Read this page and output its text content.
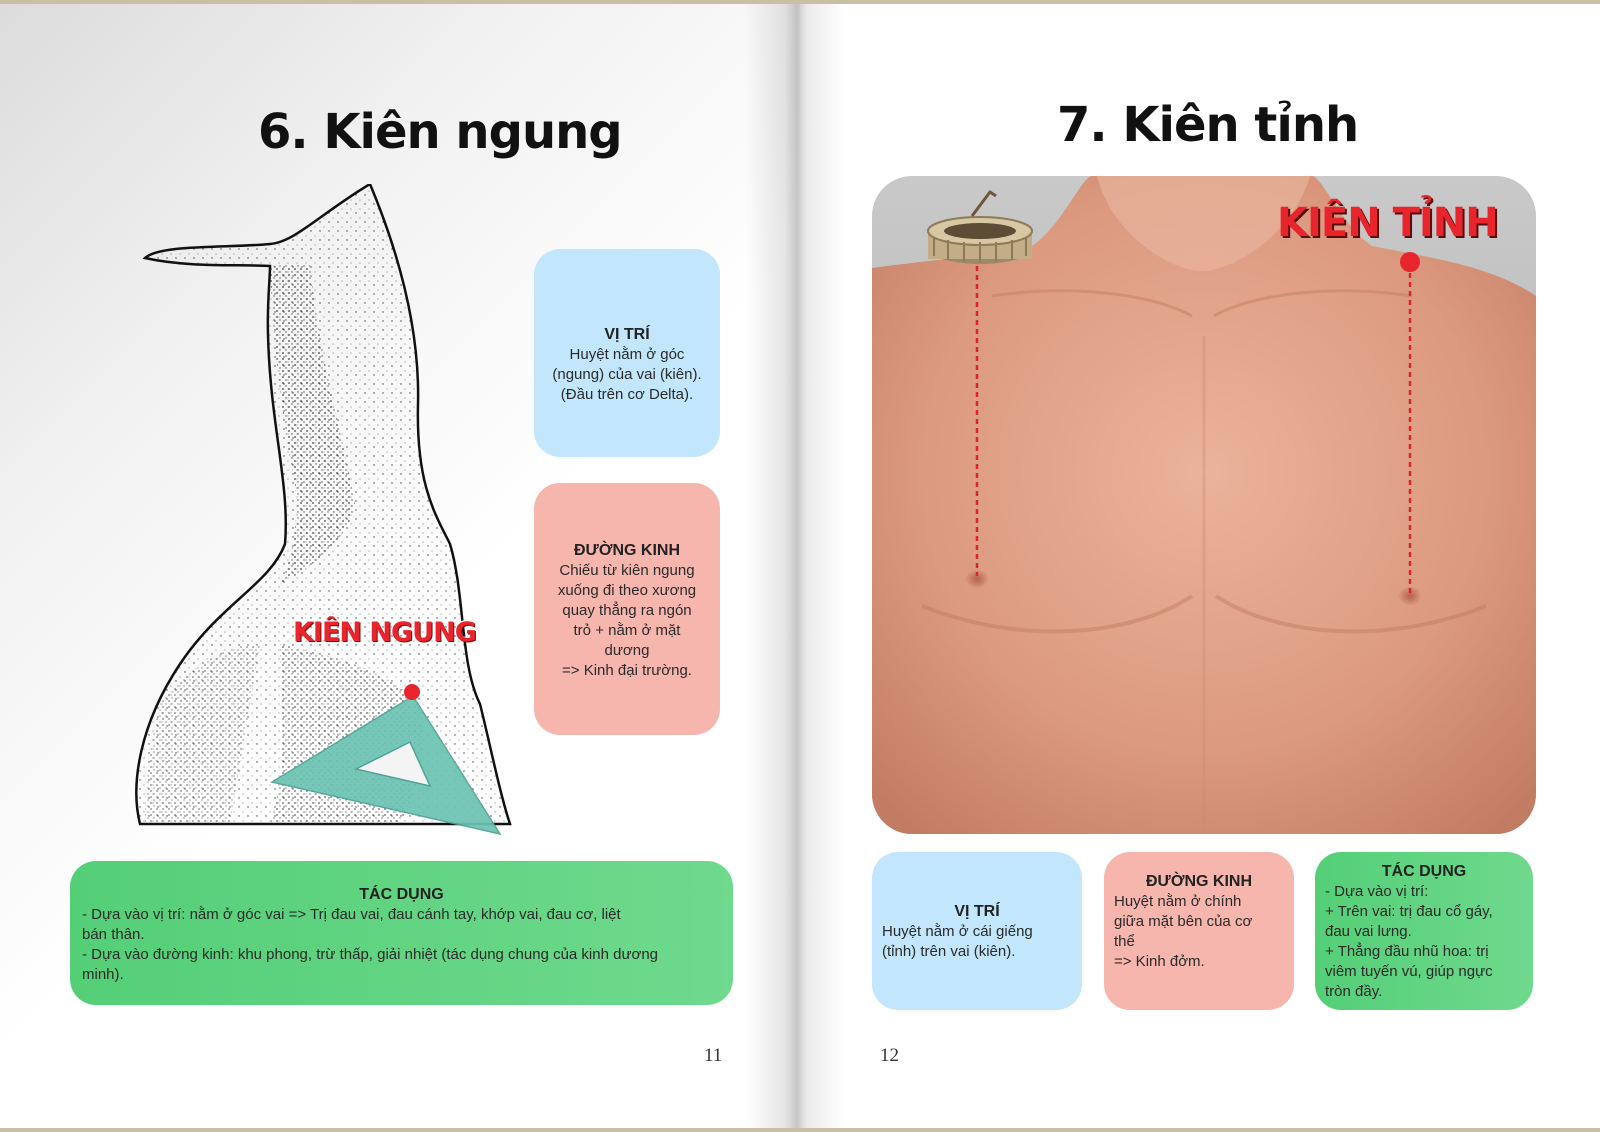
6. Kiên ngung
KIÊN NGUNG
VỊ TRÍ
Huyệt nằm ở góc
(ngung) của vai (kiên).
(Đầu trên cơ Delta).
ĐƯỜNG KINH
Chiếu từ kiên ngung
xuống đi theo xương
quay thẳng ra ngón
trỏ + nằm ở mặt
dương
=> Kinh đại trường.
TÁC DỤNG
- Dựa vào vị trí: nằm ở góc vai => Trị đau vai, đau cánh tay, khớp vai, đau cơ, liệt
bán thân.
- Dựa vào đường kinh: khu phong, trừ thấp, giải nhiệt (tác dụng chung của kinh dương
minh).
11
7. Kiên tỉnh
KIÊN TỈNH
VỊ TRÍ
Huyệt nằm ở cái giếng
(tỉnh) trên vai (kiên).
ĐƯỜNG KINH
Huyệt nằm ở chính
giữa mặt bên của cơ
thể
=> Kinh đởm.
TÁC DỤNG
- Dựa vào vị trí:
+ Trên vai: trị đau cổ gáy,
đau vai lưng.
+ Thẳng đầu nhũ hoa: trị
viêm tuyến vú, giúp ngực
tròn đầy.
12
